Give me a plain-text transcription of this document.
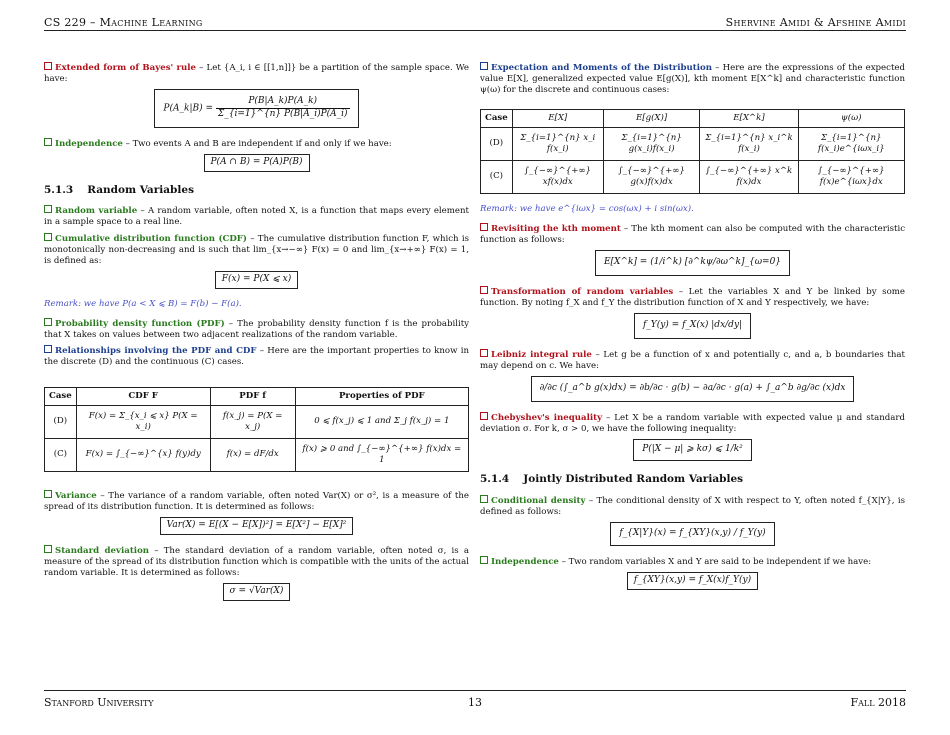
CS 229 – Machine Learning	Shervine Amidi & Afshine Amidi

Extended form of Bayes' rule – Let {A_i, i ∈ [[1,n]]} be a partition of the sample space. We have:

P(A_k|B) = $\frac{P(B|A\_k)P(A\_k)}{\Sigma\_\{i=1\}\^{}\{n\} P(B|A\_i)P(A\_i)}$

Independence – Two events A and B are independent if and only if we have:

P(A ∩ B) = P(A)P(B)
5.1.3 Random Variables

Random variable – A random variable, often noted X, is a function that maps every element in a sample space to a real line.

Cumulative distribution function (CDF) – The cumulative distribution function F, which is monotonically non-decreasing and is such that lim_{x→−∞} F(x) = 0 and lim_{x→+∞} F(x) = 1, is defined as:

F(x) = P(X ⩽ x)

Remark: we have P(a < X ⩽ B) = F(b) − F(a).

Probability density function (PDF) – The probability density function f is the probability that X takes on values between two adjacent realizations of the random variable.

Relationships involving the PDF and CDF – Here are the important properties to know in the discrete (D) and the continuous (C) cases.

Case	CDF F	PDF f	Properties of PDF
(D)	F(x) = Σ_{x_i ⩽ x} P(X = x_i)	f(x_j) = P(X = x_j)	0 ⩽ f(x_j) ⩽ 1 and Σ_j f(x_j) = 1
(C)	F(x) = ∫_{−∞}^{x} f(y)dy	f(x) = dF/dx	f(x) ⩾ 0 and ∫_{−∞}^{+∞} f(x)dx = 1

Variance – The variance of a random variable, often noted Var(X) or σ², is a measure of the spread of its distribution function. It is determined as follows:

Var(X) = E[(X − E[X])²] = E[X²] − E[X]²

Standard deviation – The standard deviation of a random variable, often noted σ, is a measure of the spread of its distribution function which is compatible with the units of the actual random variable. It is determined as follows:

σ = √Var(X)

Expectation and Moments of the Distribution – Here are the expressions of the expected value E[X], generalized expected value E[g(X)], kth moment E[X^k] and characteristic function ψ(ω) for the discrete and continuous cases:

Case	E[X]	E[g(X)]	E[X^k]	ψ(ω)
(D)	Σ_{i=1}^{n} x_i f(x_i)	Σ_{i=1}^{n} g(x_i)f(x_i)	Σ_{i=1}^{n} x_i^k f(x_i)	Σ_{i=1}^{n} f(x_i)e^{iωx_i}
(C)	∫_{−∞}^{+∞} xf(x)dx	∫_{−∞}^{+∞} g(x)f(x)dx	∫_{−∞}^{+∞} x^k f(x)dx	∫_{−∞}^{+∞} f(x)e^{iωx}dx

Remark: we have e^{iωx} = cos(ωx) + i sin(ωx).

Revisiting the kth moment – The kth moment can also be computed with the characteristic function as follows:

E[X^k] = (1/i^k) [∂^kψ/∂ω^k]_{ω=0}

Transformation of random variables – Let the variables X and Y be linked by some function. By noting f_X and f_Y the distribution function of X and Y respectively, we have:

f_Y(y) = f_X(x) |dx/dy|

Leibniz integral rule – Let g be a function of x and potentially c, and a, b boundaries that may depend on c. We have:

∂/∂c (∫_a^b g(x)dx) = ∂b/∂c · g(b) − ∂a/∂c · g(a) + ∫_a^b ∂g/∂c (x)dx

Chebyshev's inequality – Let X be a random variable with expected value μ and standard deviation σ. For k, σ > 0, we have the following inequality:

P(|X − μ| ⩾ kσ) ⩽ 1/k²
5.1.4 Jointly Distributed Random Variables

Conditional density – The conditional density of X with respect to Y, often noted f_{X|Y}, is defined as follows:

f_{X|Y}(x) = f_{XY}(x,y) / f_Y(y)

Independence – Two random variables X and Y are said to be independent if we have:

f_{XY}(x,y) = f_X(x)f_Y(y)
Stanford University	13	Fall 2018
